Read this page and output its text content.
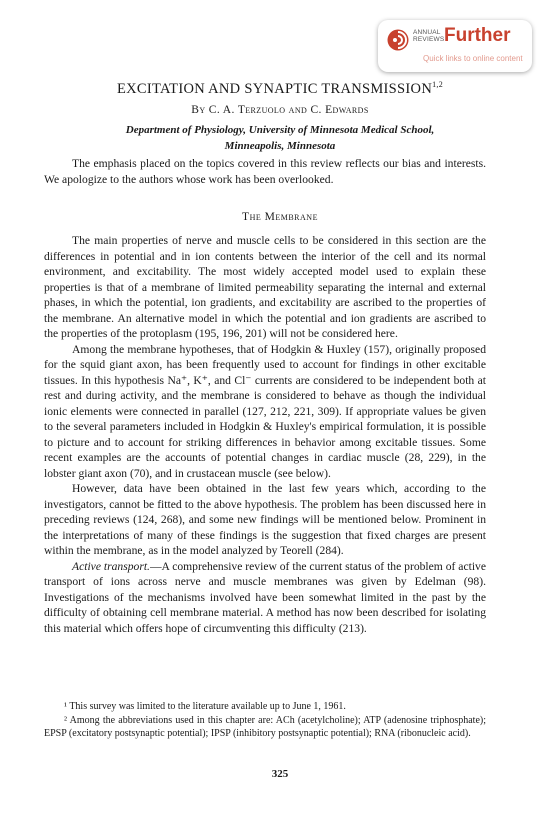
ANNUAL
REVIEWS Further
Quick links to online content
EXCITATION AND SYNAPTIC TRANSMISSION$^{1,2}$
By C. A. Terzuolo and C. Edwards
Department of Physiology, University of Minnesota Medical School,
Minneapolis, Minnesota
The emphasis placed on the topics covered in this review reflects our bias and interests. We apologize to the authors whose work has been overlooked.
The Membrane

The main properties of nerve and muscle cells to be considered in this section are the differences in potential and in ion contents between the interior of the cell and its normal environment, and excitability. The most widely accepted model used to explain these properties is that of a membrane of limited permeability separating the internal and external phases, in which the potential, ion gradients, and excitability are ascribed to the properties of the membrane. An alternative model in which the potential and ion gradients are ascribed to the properties of the protoplasm (195, 196, 201) will not be considered here.

Among the membrane hypotheses, that of Hodgkin & Huxley (157), originally proposed for the squid giant axon, has been frequently used to account for findings in other excitable tissues. In this hypothesis Na⁺, K⁺, and Cl⁻ currents are considered to be independent both at rest and during activity, and the membrane is considered to behave as though the individual ionic elements were connected in parallel (127, 212, 221, 309). If appropriate values be given to the several parameters included in Hodgkin & Huxley's empirical formulation, it is possible to picture and to account for striking differences in behavior among excitable tissues. Some recent examples are the accounts of potential changes in cardiac muscle (28, 229), in the lobster giant axon (70), and in crustacean muscle (see below).

However, data have been obtained in the last few years which, according to the investigators, cannot be fitted to the above hypothesis. The problem has been discussed here in preceding reviews (124, 268), and some new findings will be mentioned below. Prominent in the interpretations of many of these findings is the suggestion that fixed charges are present within the membrane, as in the model analyzed by Teorell (284).

Active transport.—A comprehensive review of the current status of the problem of active transport of ions across nerve and muscle membranes was given by Edelman (98). Investigations of the mechanisms involved have been somewhat limited in the past by the difficulty of obtaining cell membrane material. A method has now been described for isolating this material which offers hope of circumventing this difficulty (213).

¹ This survey was limited to the literature available up to June 1, 1961.

² Among the abbreviations used in this chapter are: ACh (acetylcholine); ATP (adenosine triphosphate); EPSP (excitatory postsynaptic potential); IPSP (inhibitory postsynaptic potential); RNA (ribonucleic acid).

325
